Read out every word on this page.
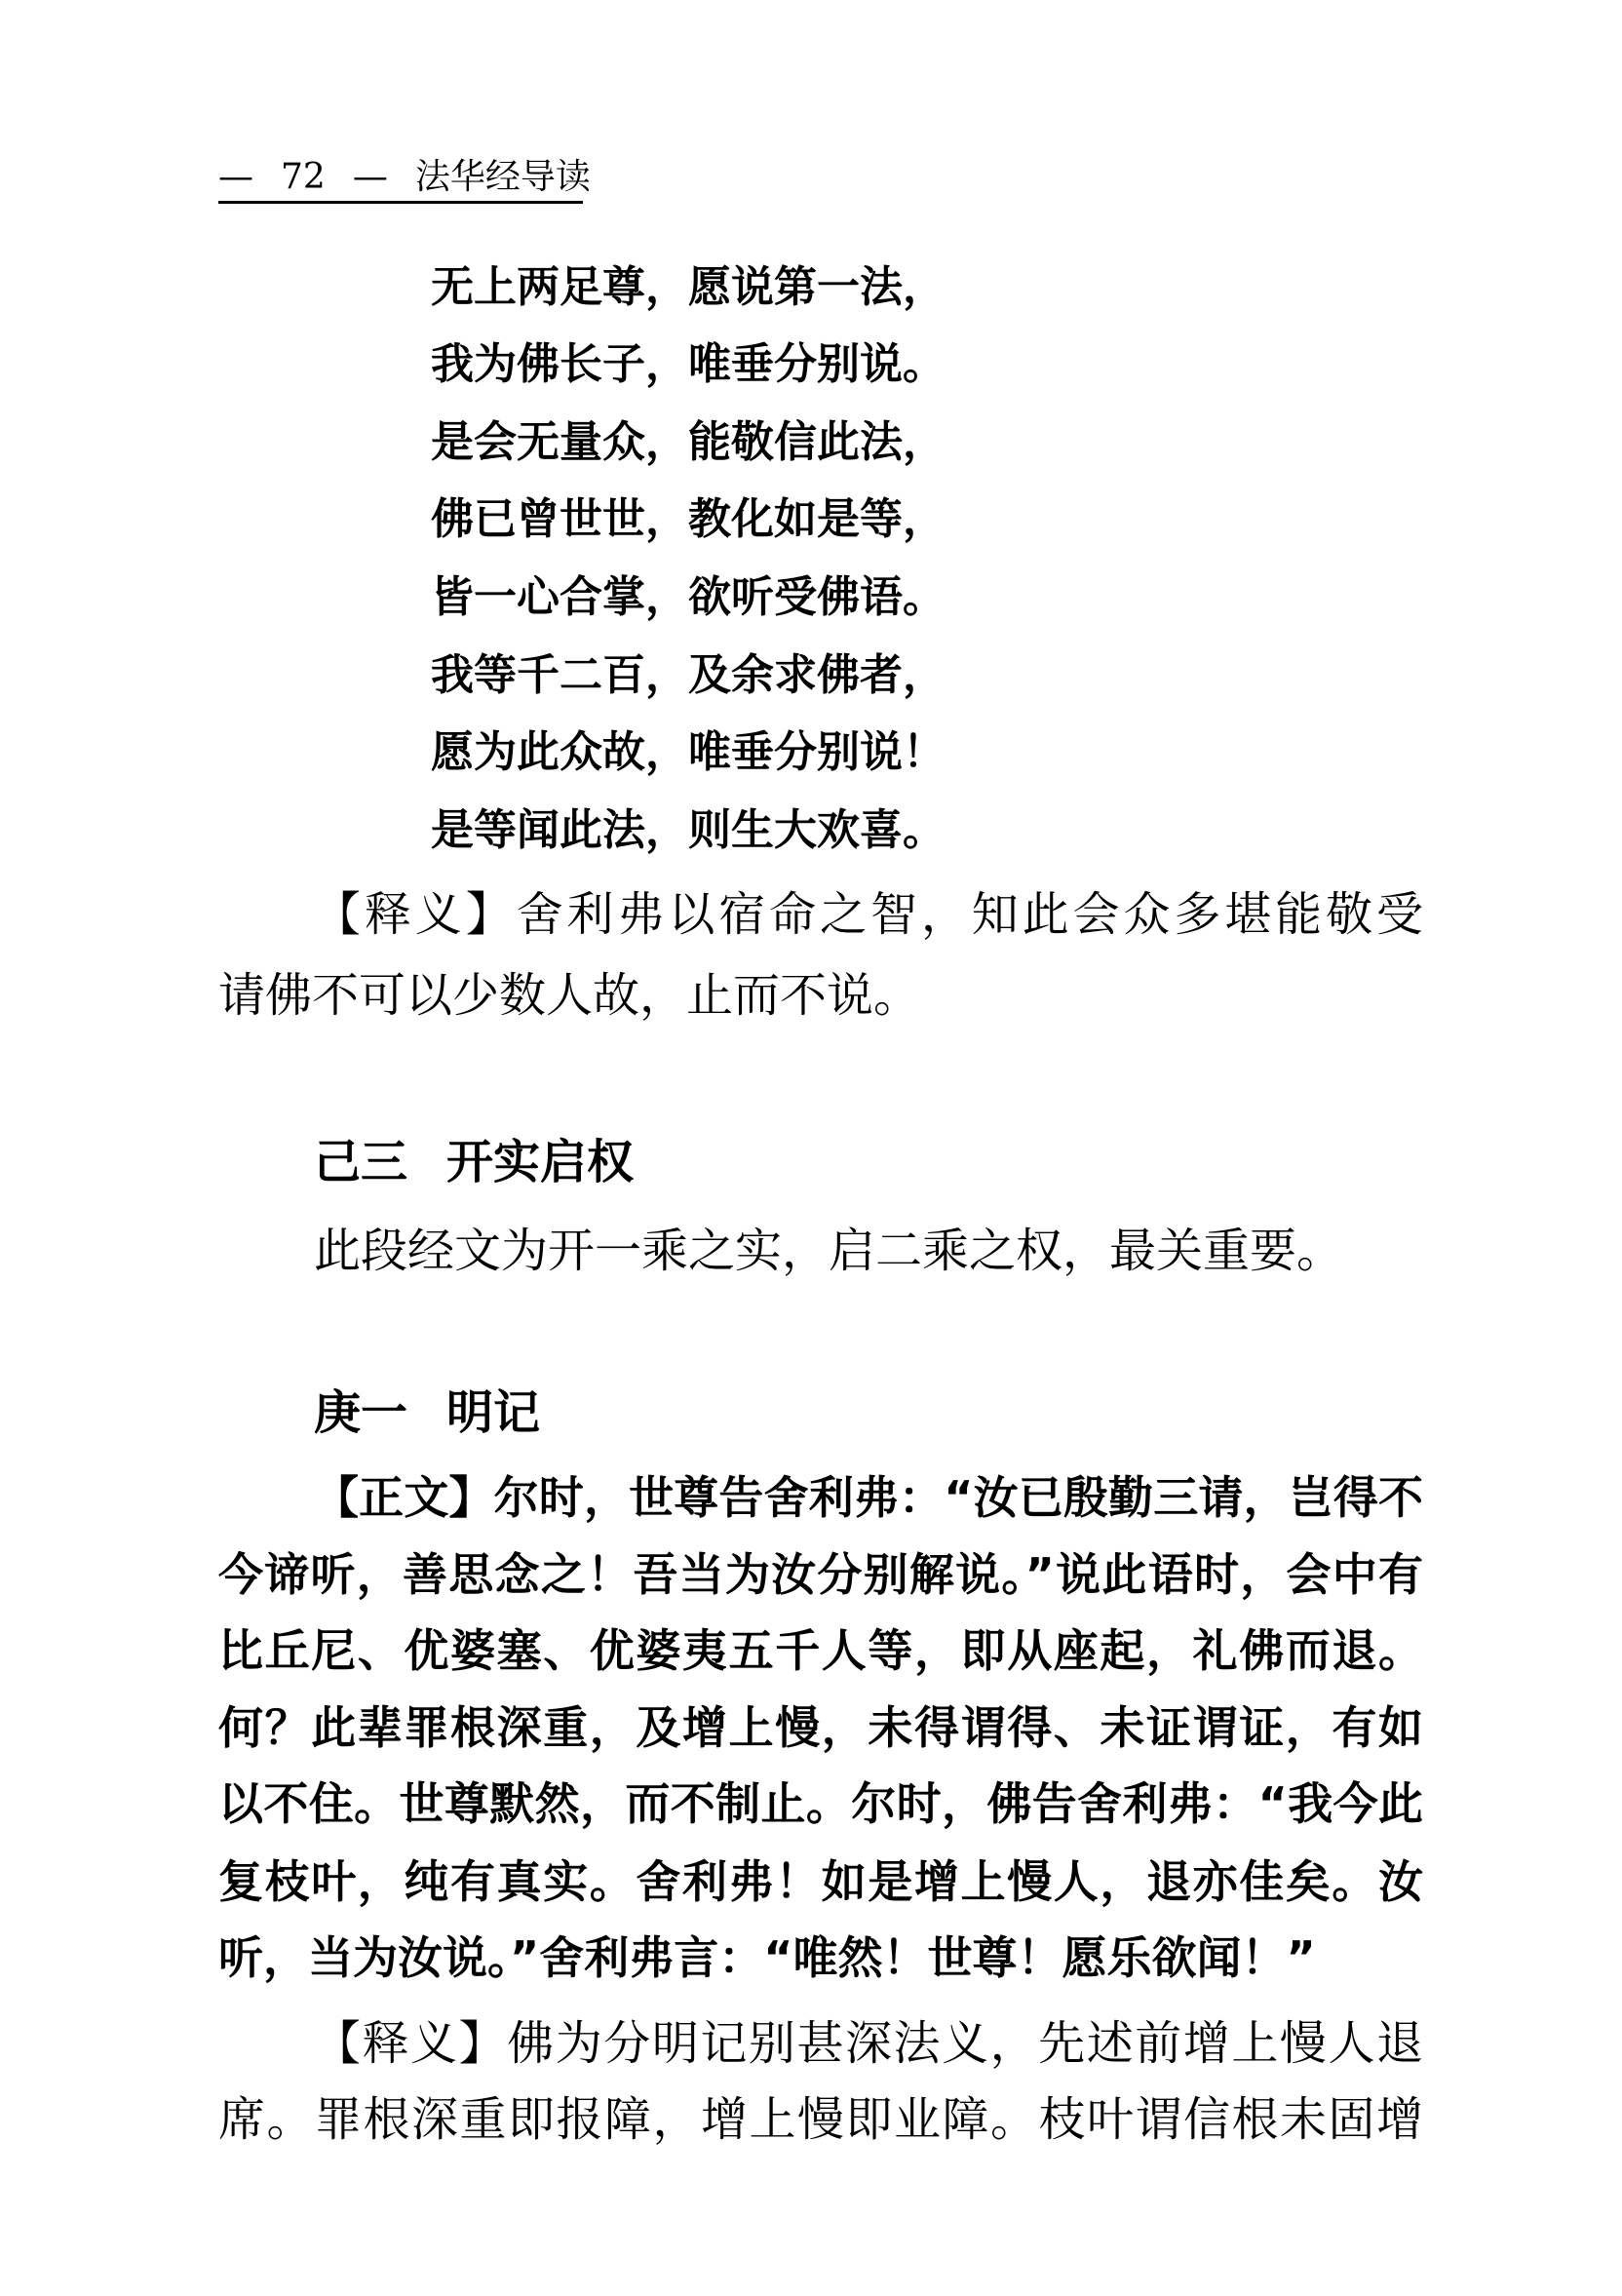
— 72 — 法华经导读
无上两足尊，愿说第一法，
我为佛长子，唯垂分别说。
是会无量众，能敬信此法，
佛已曾世世，教化如是等，
皆一心合掌，欲听受佛语。
我等千二百，及余求佛者，
愿为此众故，唯垂分别说！
是等闻此法，则生大欢喜。
【释义】舍利弗以宿命之智，知此会众多堪能敬受
请佛不可以少数人故，止而不说。
己三 开实启权
此段经文为开一乘之实，启二乘之权，最关重要。
庚一 明记
【正文】尔时，世尊告舍利弗：“汝已殷勤三请，岂得不
今谛听，善思念之！吾当为汝分别解说。”说此语时，会中有
比丘尼、优婆塞、优婆夷五千人等，即从座起，礼佛而退。
何？此辈罪根深重，及增上慢，未得谓得、未证谓证，有如
以不住。世尊默然，而不制止。尔时，佛告舍利弗：“我今此
复枝叶，纯有真实。舍利弗！如是增上慢人，退亦佳矣。汝
听，当为汝说。”舍利弗言：“唯然！世尊！愿乐欲闻！”
【释义】佛为分明记别甚深法义，先述前增上慢人退
席。罪根深重即报障，增上慢即业障。枝叶谓信根未固增
